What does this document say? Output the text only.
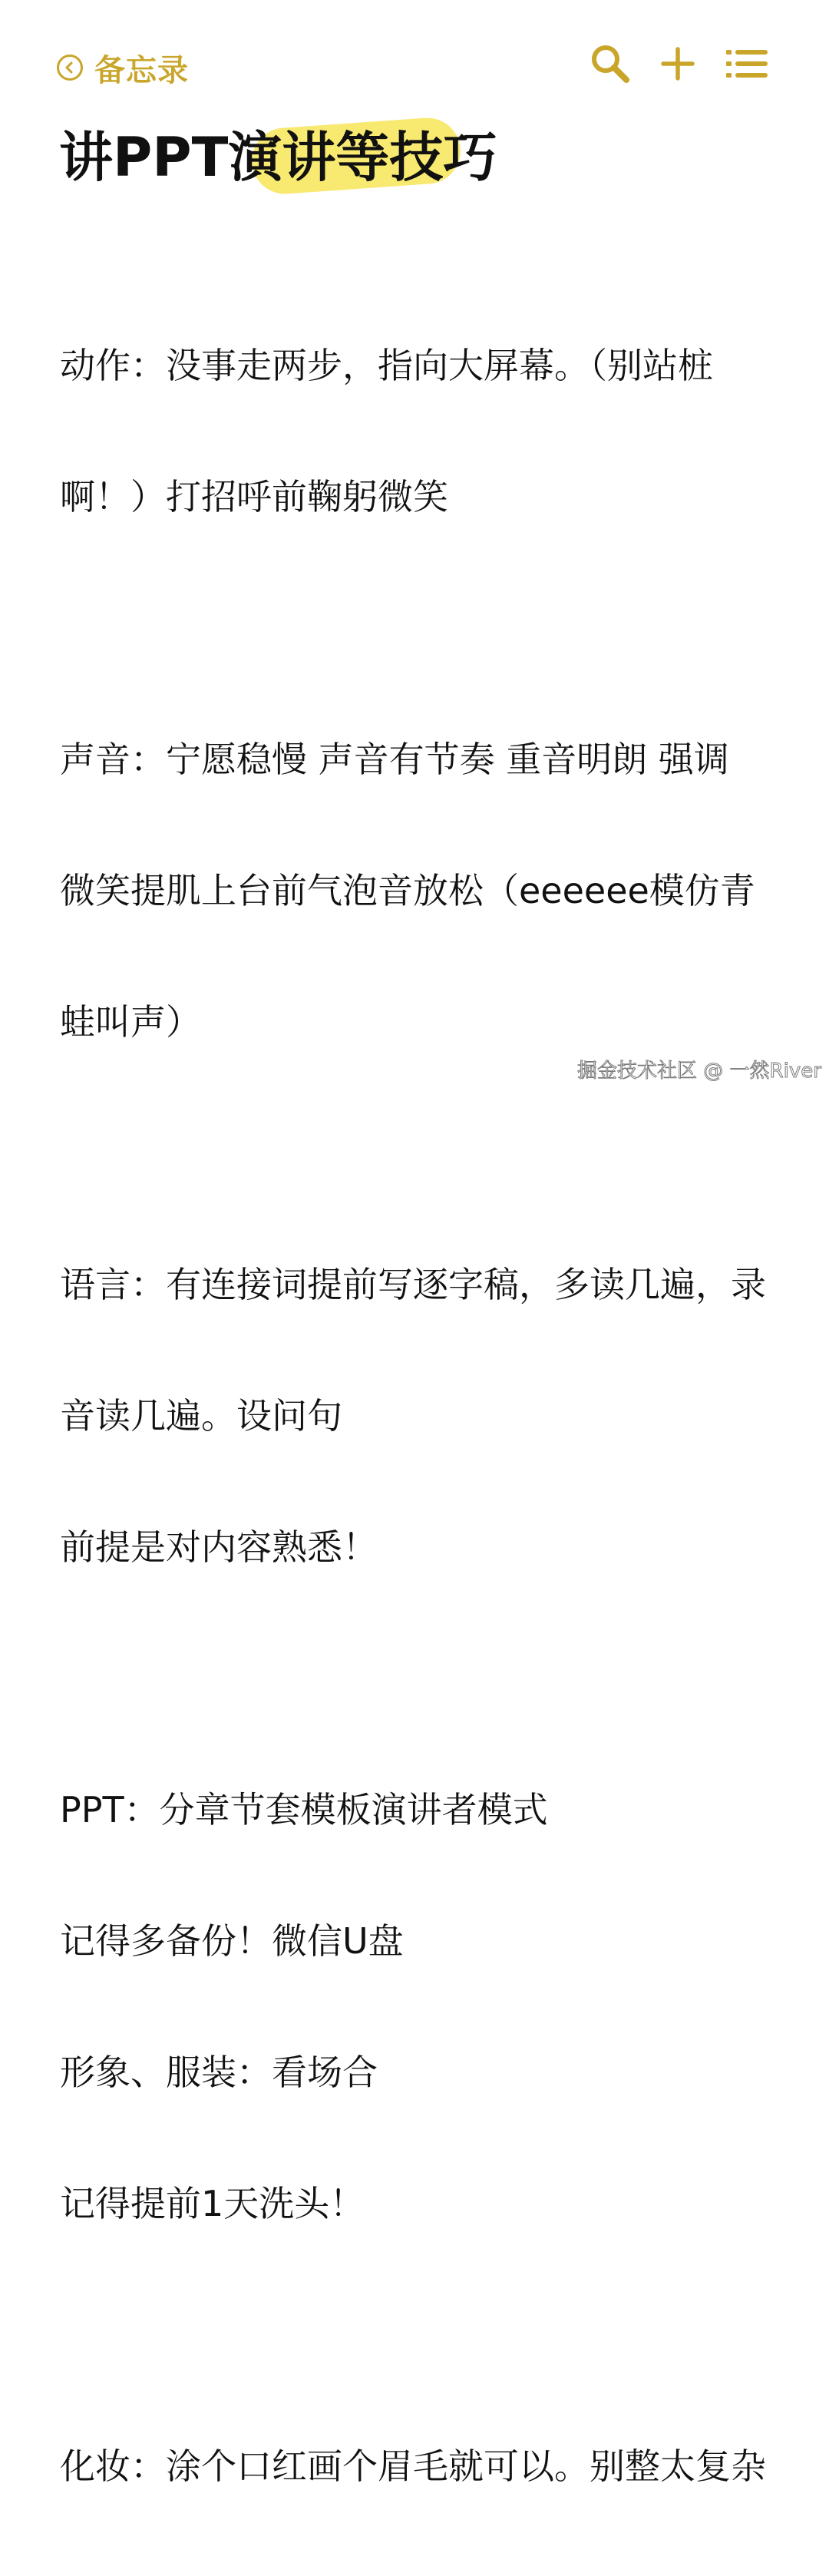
备忘录
讲PPT演讲等技巧

动作：没事走两步，指向大屏幕。（别站桩

啊！）打招呼前鞠躬微笑

声音：宁愿稳慢 声音有节奏 重音明朗 强调

微笑提肌上台前气泡音放松（eeeeee模仿青

蛙叫声）

语言：有连接词提前写逐字稿，多读几遍，录

音读几遍。设问句

前提是对内容熟悉！

PPT：分章节套模板演讲者模式

记得多备份！微信U盘

形象、服装：看场合

记得提前1天洗头！

化妆：涂个口红画个眉毛就可以。别整太复杂

掘金技术社区 @ 一然River
